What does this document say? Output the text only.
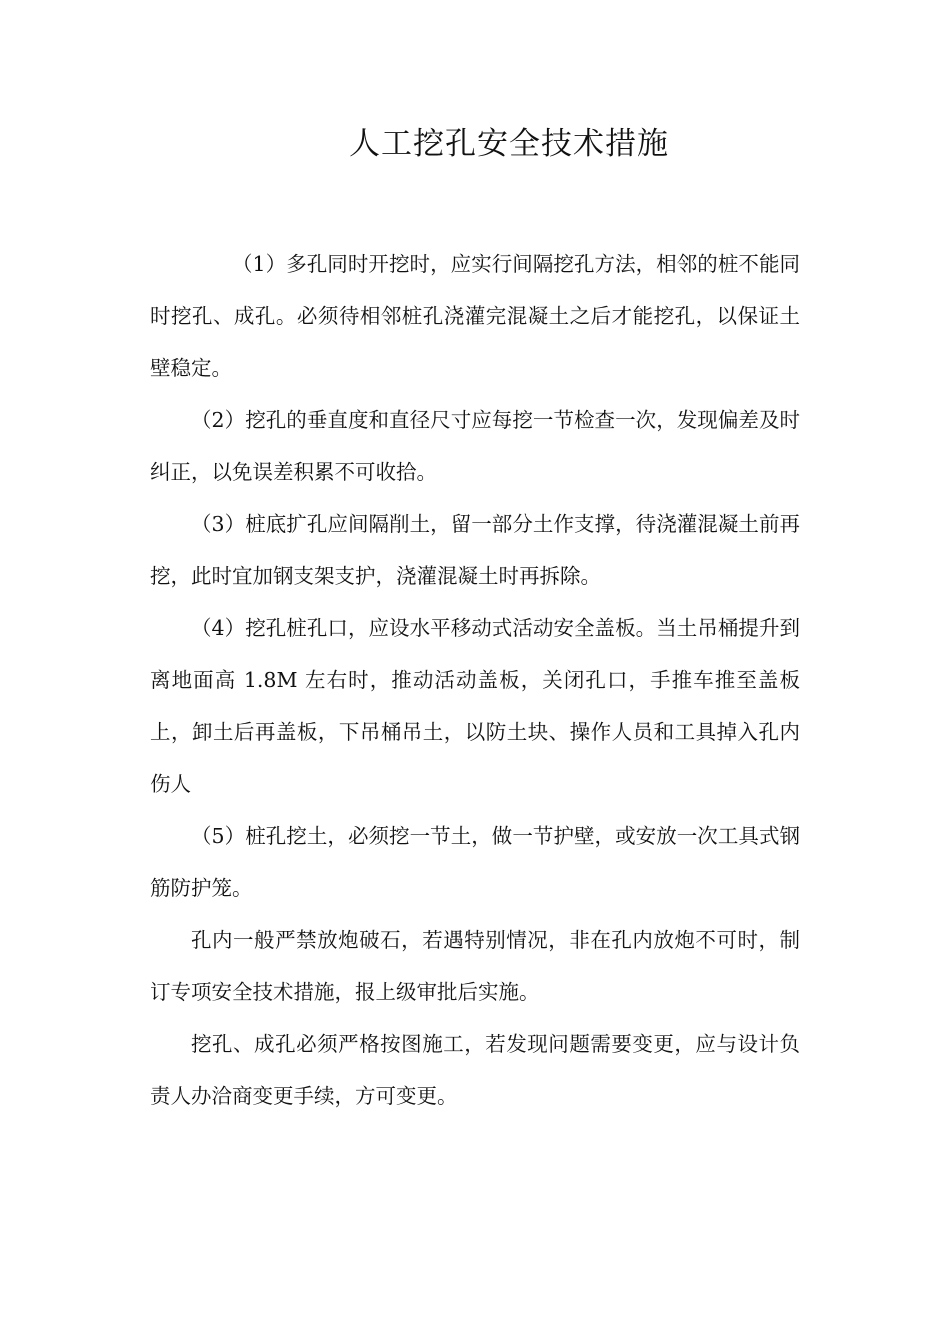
人工挖孔安全技术措施

（1）多孔同时开挖时，应实行间隔挖孔方法，相邻的桩不能同时挖孔、成孔。必须待相邻桩孔浇灌完混凝土之后才能挖孔，以保证土壁稳定。

（2）挖孔的垂直度和直径尺寸应每挖一节检查一次，发现偏差及时纠正，以免误差积累不可收拾。

（3）桩底扩孔应间隔削土，留一部分土作支撑，待浇灌混凝土前再挖，此时宜加钢支架支护，浇灌混凝土时再拆除。

（4）挖孔桩孔口，应设水平移动式活动安全盖板。当土吊桶提升到离地面高 1.8M 左右时，推动活动盖板，关闭孔口，手推车推至盖板上，卸土后再盖板，下吊桶吊土，以防土块、操作人员和工具掉入孔内伤人

（5）桩孔挖土，必须挖一节土，做一节护壁，或安放一次工具式钢筋防护笼。

孔内一般严禁放炮破石，若遇特别情况，非在孔内放炮不可时，制订专项安全技术措施，报上级审批后实施。

挖孔、成孔必须严格按图施工，若发现问题需要变更，应与设计负责人办洽商变更手续，方可变更。
